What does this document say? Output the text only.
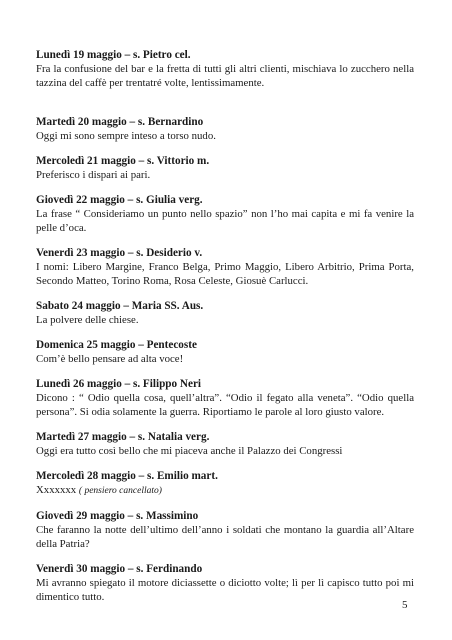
Lunedì 19 maggio – s. Pietro cel.

Fra la confusione del bar e la fretta di tutti gli altri clienti, mischiava lo zucchero nella tazzina del caffè per trentatré volte, lentissimamente.

Martedì 20 maggio – s. Bernardino

Oggi mi sono sempre inteso a torso nudo.

Mercoledì 21 maggio – s. Vittorio m.

Preferisco i dispari ai pari.

Giovedì 22 maggio – s. Giulia verg.

La frase “ Consideriamo un punto nello spazio” non l’ho mai capita e mi fa venire la pelle d’oca.

Venerdì 23 maggio – s. Desiderio v.

I nomi: Libero Margine, Franco Belga, Primo Maggio, Libero Arbitrio, Prima Porta, Secondo Matteo, Torino Roma, Rosa Celeste, Giosuè Carlucci.

Sabato 24 maggio – Maria SS. Aus.

La polvere delle chiese.

Domenica 25 maggio – Pentecoste

Com’è bello pensare ad alta voce!

Lunedì 26 maggio – s. Filippo Neri

Dicono : “ Odio quella cosa, quell’altra”. “Odio il fegato alla veneta”. “Odio quella persona”. Si odia solamente la guerra. Riportiamo le parole al loro giusto valore.

Martedì 27 maggio – s. Natalia verg.

Oggi era tutto così bello che mi piaceva anche il Palazzo dei Congressi

Mercoledì 28 maggio – s. Emilio mart.

Xxxxxxx ( pensiero cancellato)

Giovedì 29 maggio – s. Massimino

Che faranno la notte dell’ultimo dell’anno i soldati che montano la guardia all’Altare della Patria?

Venerdì 30 maggio – s. Ferdinando

Mi avranno spiegato il motore diciassette o diciotto volte; lì per lì capisco tutto poi mi dimentico tutto.

5
